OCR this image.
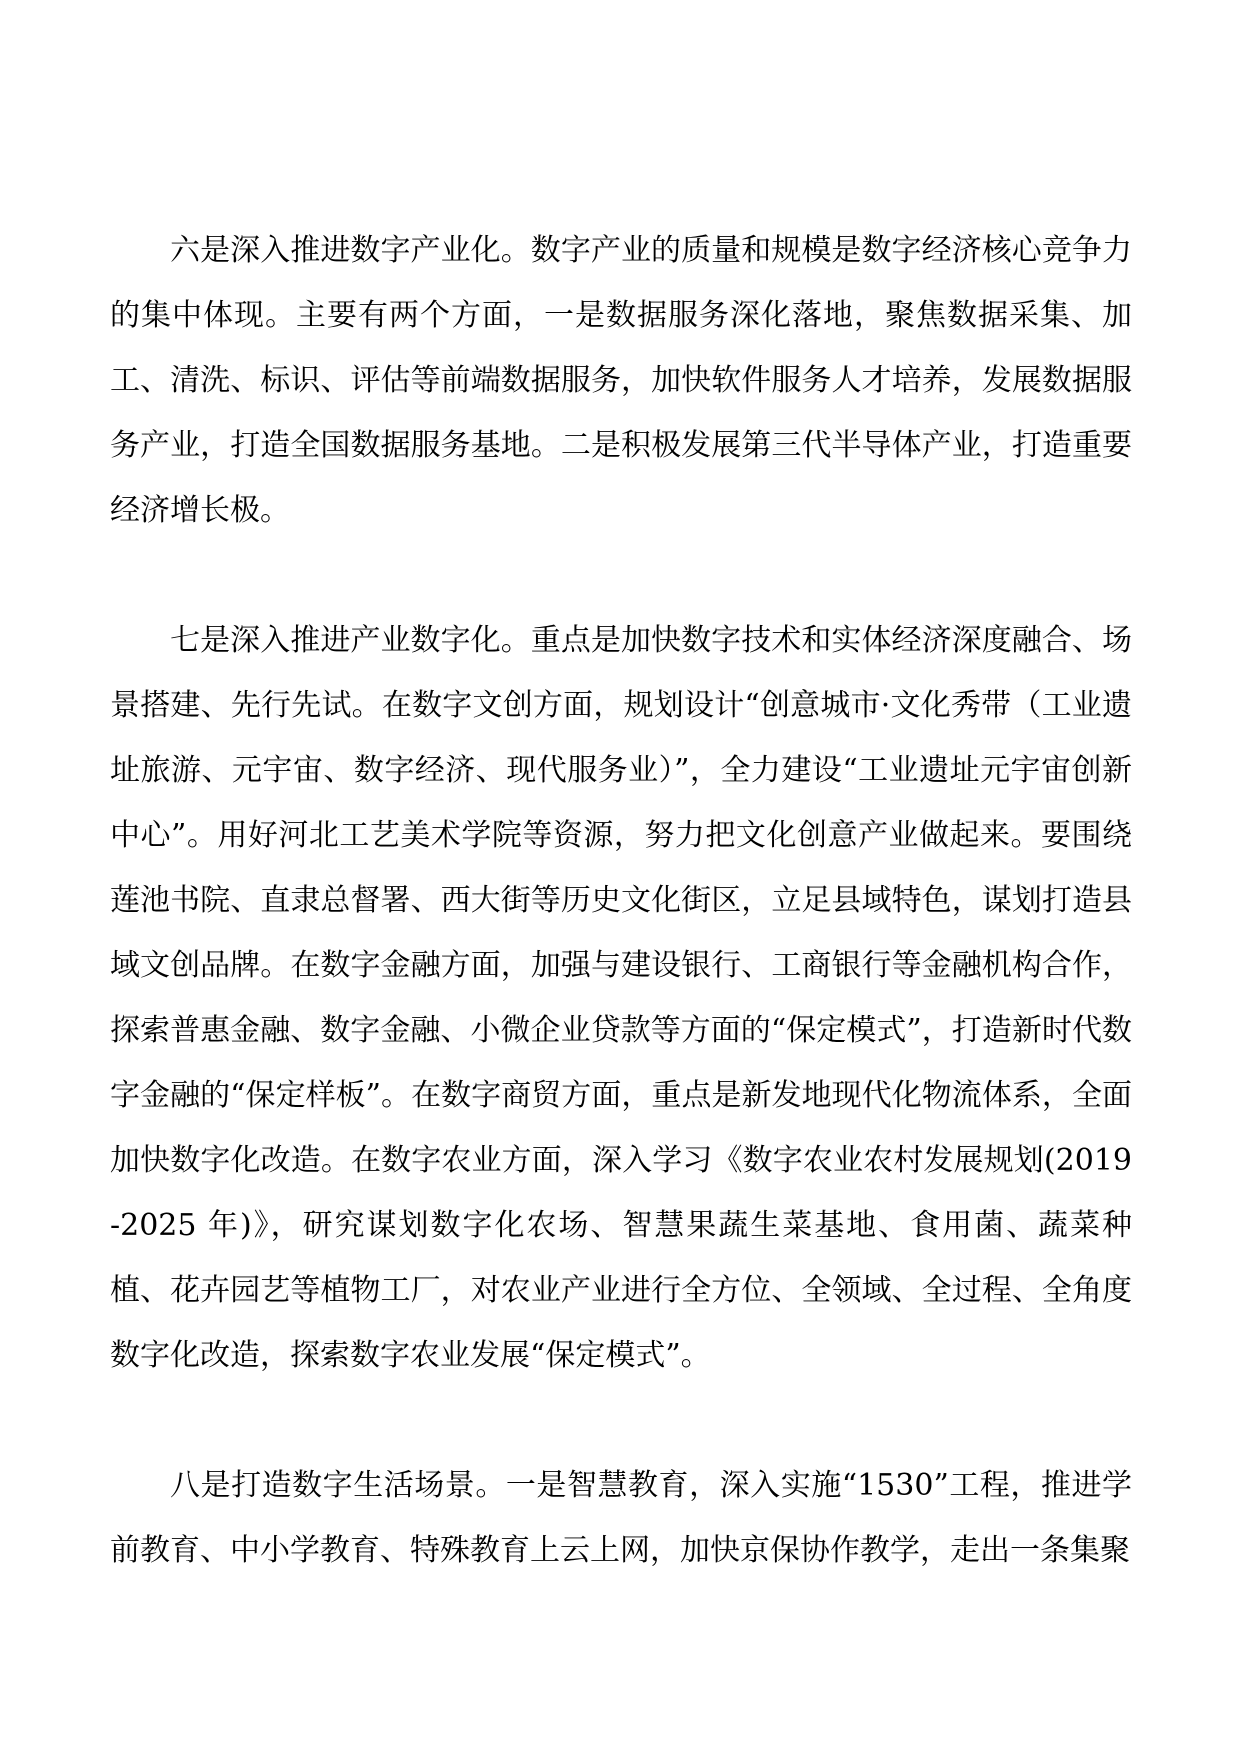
六是深入推进数字产业化。数字产业的质量和规模是数字经济核心竞争力的集中体现。主要有两个方面，一是数据服务深化落地，聚焦数据采集、加工、清洗、标识、评估等前端数据服务，加快软件服务人才培养，发展数据服务产业，打造全国数据服务基地。二是积极发展第三代半导体产业，打造重要经济增长极。

七是深入推进产业数字化。重点是加快数字技术和实体经济深度融合、场景搭建、先行先试。在数字文创方面，规划设计“创意城市·文化秀带（工业遗址旅游、元宇宙、数字经济、现代服务业）”，全力建设“工业遗址元宇宙创新中心”。用好河北工艺美术学院等资源，努力把文化创意产业做起来。要围绕莲池书院、直隶总督署、西大街等历史文化街区，立足县域特色，谋划打造县域文创品牌。在数字金融方面，加强与建设银行、工商银行等金融机构合作，探索普惠金融、数字金融、小微企业贷款等方面的“保定模式”，打造新时代数字金融的“保定样板”。在数字商贸方面，重点是新发地现代化物流体系，全面加快数字化改造。在数字农业方面，深入学习《数字农业农村发展规划(2019-2025 年)》，研究谋划数字化农场、智慧果蔬生菜基地、食用菌、蔬菜种植、花卉园艺等植物工厂，对农业产业进行全方位、全领域、全过程、全角度数字化改造，探索数字农业发展“保定模式”。

八是打造数字生活场景。一是智慧教育，深入实施“1530”工程，推进学前教育、中小学教育、特殊教育上云上网，加快京保协作教学，走出一条集聚
